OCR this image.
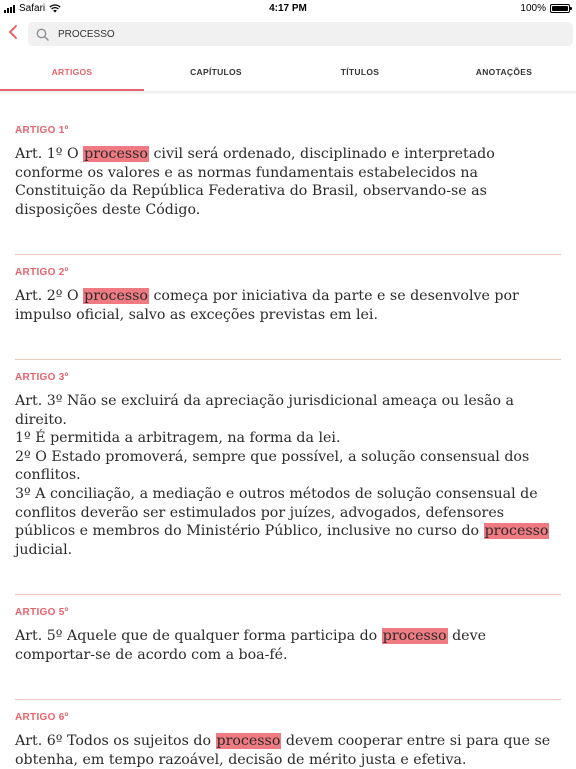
Safari	4:17 PM	100%
PROCESSO
ARTIGOS	CAPÍTULOS	TÍTULOS	ANOTAÇÕES

ARTIGO 1º

Art. 1º O processo civil será ordenado, disciplinado e interpretado
conforme os valores e as normas fundamentais estabelecidos na
Constituição da República Federativa do Brasil, observando-se as
disposições deste Código.

ARTIGO 2º

Art. 2º O processo começa por iniciativa da parte e se desenvolve por
impulso oficial, salvo as exceções previstas em lei.

ARTIGO 3º

Art. 3º Não se excluirá da apreciação jurisdicional ameaça ou lesão a
direito.
1º É permitida a arbitragem, na forma da lei.
2º O Estado promoverá, sempre que possível, a solução consensual dos
conflitos.
3º A conciliação, a mediação e outros métodos de solução consensual de
conflitos deverão ser estimulados por juízes, advogados, defensores
públicos e membros do Ministério Público, inclusive no curso do processo
judicial.

ARTIGO 5º

Art. 5º Aquele que de qualquer forma participa do processo deve
comportar-se de acordo com a boa-fé.

ARTIGO 6º

Art. 6º Todos os sujeitos do processo devem cooperar entre si para que se
obtenha, em tempo razoável, decisão de mérito justa e efetiva.
